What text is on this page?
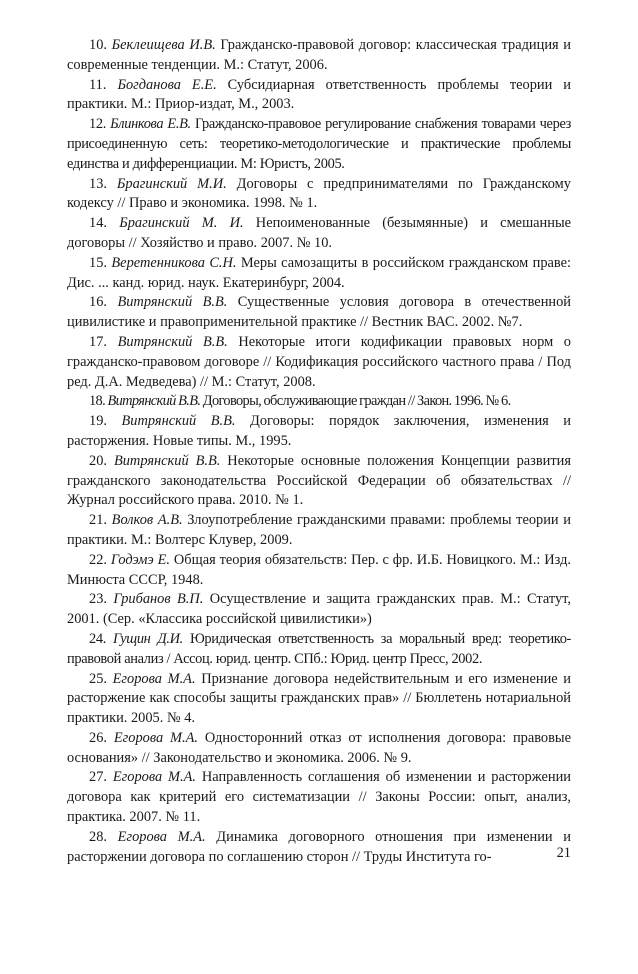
10. Беклеищева И.В. Гражданско-правовой договор: классическая традиция и современные тенденции. М.: Статут, 2006.

11. Богданова Е.Е. Субсидиарная ответственность проблемы теории и практики. М.: Приор-издат, М., 2003.

12. Блинкова Е.В. Гражданско-правовое регулирование снабжения товарами через присоединенную сеть: теоретико-методологические и практические проблемы единства и дифференциации. М: Юристъ, 2005.

13. Брагинский М.И. Договоры с предпринимателями по Гражданскому кодексу // Право и экономика. 1998. № 1.

14. Брагинский М. И. Непоименованные (безымянные) и смешанные договоры // Хозяйство и право. 2007. № 10.

15. Веретенникова С.Н. Меры самозащиты в российском гражданском праве: Дис. ... канд. юрид. наук. Екатеринбург, 2004.

16. Витрянский В.В. Существенные условия договора в отечественной цивилистике и правоприменительной практике // Вестник ВАС. 2002. №7.

17. Витрянский В.В. Некоторые итоги кодификации правовых норм о гражданско-правовом договоре // Кодификация российского частного права / Под ред. Д.А. Медведева) // М.: Статут, 2008.

18. Витрянский В.В. Договоры, обслуживающие граждан // Закон. 1996. № 6.

19. Витрянский В.В. Договоры: порядок заключения, изменения и расторжения. Новые типы. М., 1995.

20. Витрянский В.В. Некоторые основные положения Концепции развития гражданского законодательства Российской Федерации об обязательствах // Журнал российского права. 2010. № 1.

21. Волков А.В. Злоупотребление гражданскими правами: проблемы теории и практики. М.: Волтерс Клувер, 2009.

22. Годэмэ Е. Общая теория обязательств: Пер. с фр. И.Б. Новицкого. М.: Изд. Минюста СССР, 1948.

23. Грибанов В.П. Осуществление и защита гражданских прав. М.: Статут, 2001. (Сер. «Классика российской цивилистики»)

24. Гущин Д.И. Юридическая ответственность за моральный вред: теоретико-правовой анализ / Ассоц. юрид. центр. СПб.: Юрид. центр Пресс, 2002.

25. Егорова М.А. Признание договора недействительным и его изменение и расторжение как способы защиты гражданских прав» // Бюллетень нотариальной практики. 2005. № 4.

26. Егорова М.А. Односторонний отказ от исполнения договора: правовые основания» // Законодательство и экономика. 2006. № 9.

27. Егорова М.А. Направленность соглашения об изменении и расторжении договора как критерий его систематизации // Законы России: опыт, анализ, практика. 2007. № 11.

28. Егорова М.А. Динамика договорного отношения при изменении и расторжении договора по соглашению сторон // Труды Института го-	21
